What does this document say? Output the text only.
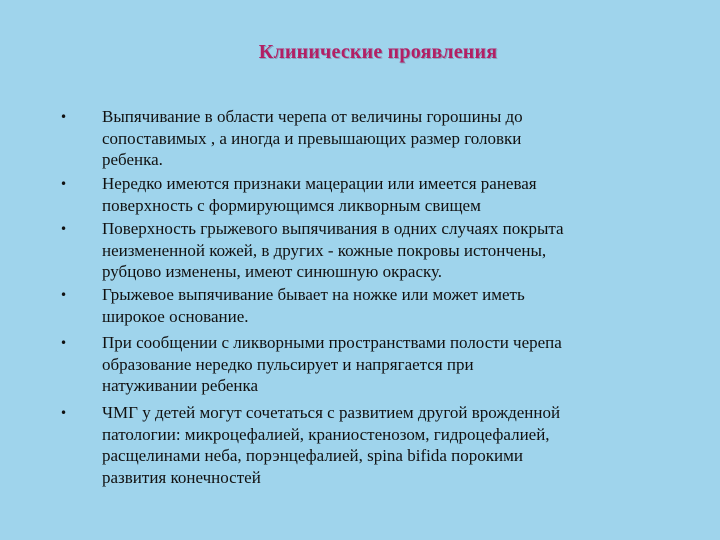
Клинические проявления
• Выпячивание в области черепа от величины горошины до
сопоставимых , а иногда и превышающих размер головки
ребенка.
• Нередко имеются признаки мацерации или имеется раневая
поверхность с формирующимся ликворным свищем
• Поверхность грыжевого выпячивания в одних случаях покрыта
неизмененной кожей, в других - кожные покровы истончены,
рубцово изменены, имеют синюшную окраску.
• Грыжевое выпячивание бывает на ножке или может иметь
широкое основание.
• При сообщении с ликворными пространствами полости черепа
образование нередко пульсирует и напрягается при
натуживании ребенка
• ЧМГ у детей могут сочетаться с развитием другой врожденной
патологии: микроцефалией, краниостенозом, гидроцефалией,
расщелинами неба, порэнцефалией, spina bifida порокими
развития конечностей
